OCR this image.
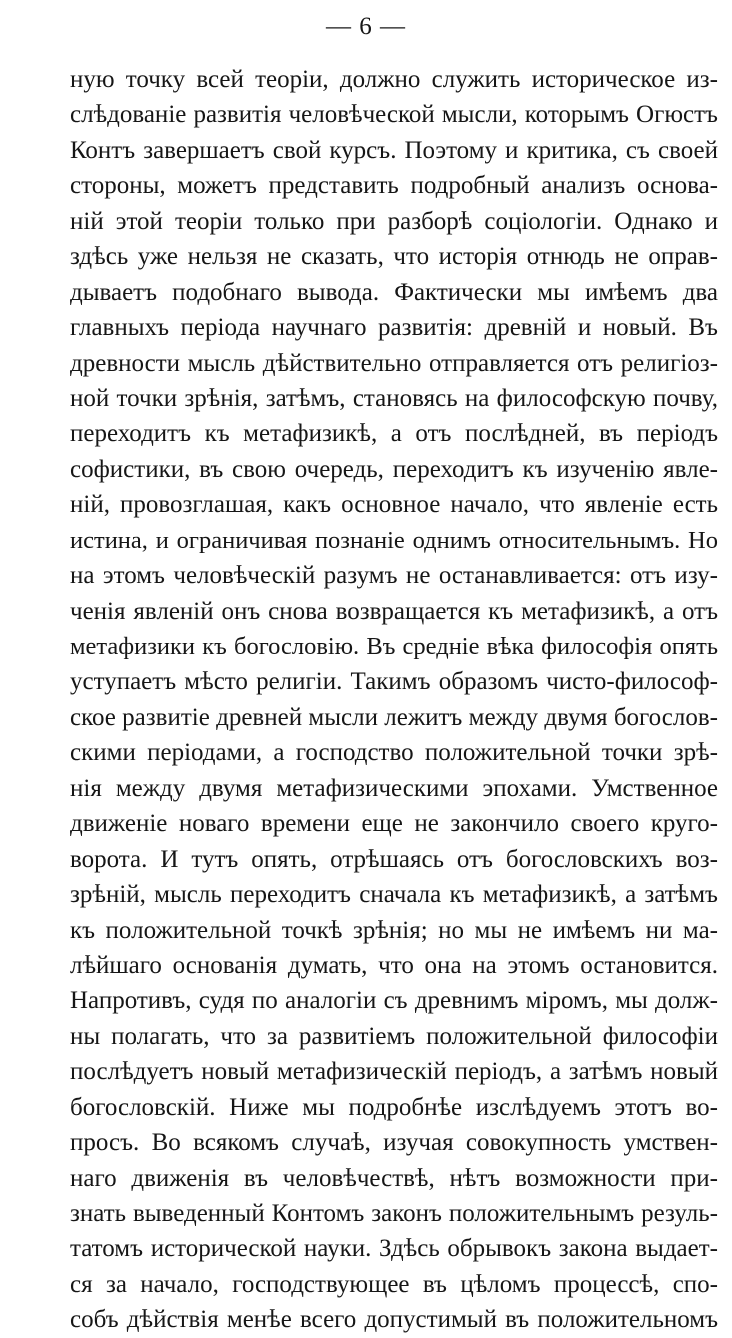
— 6 —
ную точку всей теоріи, должно служить историческое из-
слѣдованіе развитія человѣческой мысли, которымъ Огюстъ
Контъ завершаетъ свой курсъ. Поэтому и критика, съ своей
стороны, можетъ представить подробный анализъ основа-
ній этой теоріи только при разборѣ соціологіи. Однако и
здѣсь уже нельзя не сказать, что исторія отнюдь не оправ-
дываетъ подобнаго вывода. Фактически мы имѣемъ два
главныхъ періода научнаго развитія: древній и новый. Въ
древности мысль дѣйствительно отправляется отъ религіоз-
ной точки зрѣнія, затѣмъ, становясь на философскую почву,
переходитъ къ метафизикѣ, а отъ послѣдней, въ періодъ
софистики, въ свою очередь, переходитъ къ изученію явле-
ній, провозглашая, какъ основное начало, что явленіе есть
истина, и ограничивая познаніе однимъ относительнымъ. Но
на этомъ человѣческій разумъ не останавливается: отъ изу-
ченія явленій онъ снова возвращается къ метафизикѣ, а отъ
метафизики къ богословію. Въ средніе вѣка философія опять
уступаетъ мѣсто религіи. Такимъ образомъ чисто-философ-
ское развитіе древней мысли лежитъ между двумя богослов-
скими періодами, а господство положительной точки зрѣ-
нія между двумя метафизическими эпохами. Умственное
движеніе новаго времени еще не закончило своего круго-
ворота. И тутъ опять, отрѣшаясь отъ богословскихъ воз-
зрѣній, мысль переходитъ сначала къ метафизикѣ, а затѣмъ
къ положительной точкѣ зрѣнія; но мы не имѣемъ ни ма-
лѣйшаго основанія думать, что она на этомъ остановится.
Напротивъ, судя по аналогіи съ древнимъ міромъ, мы долж-
ны полагать, что за развитіемъ положительной философіи
послѣдуетъ новый метафизическій періодъ, а затѣмъ новый
богословскій. Ниже мы подробнѣе изслѣдуемъ этотъ во-
просъ. Во всякомъ случаѣ, изучая совокупность умствен-
наго движенія въ человѣчествѣ, нѣтъ возможности при-
знать выведенный Контомъ законъ положительнымъ резуль-
татомъ исторической науки. Здѣсь обрывокъ закона выдает-
ся за начало, господствующее въ цѣломъ процессѣ, спо-
собъ дѣйствія менѣе всего допустимый въ положительномъ
